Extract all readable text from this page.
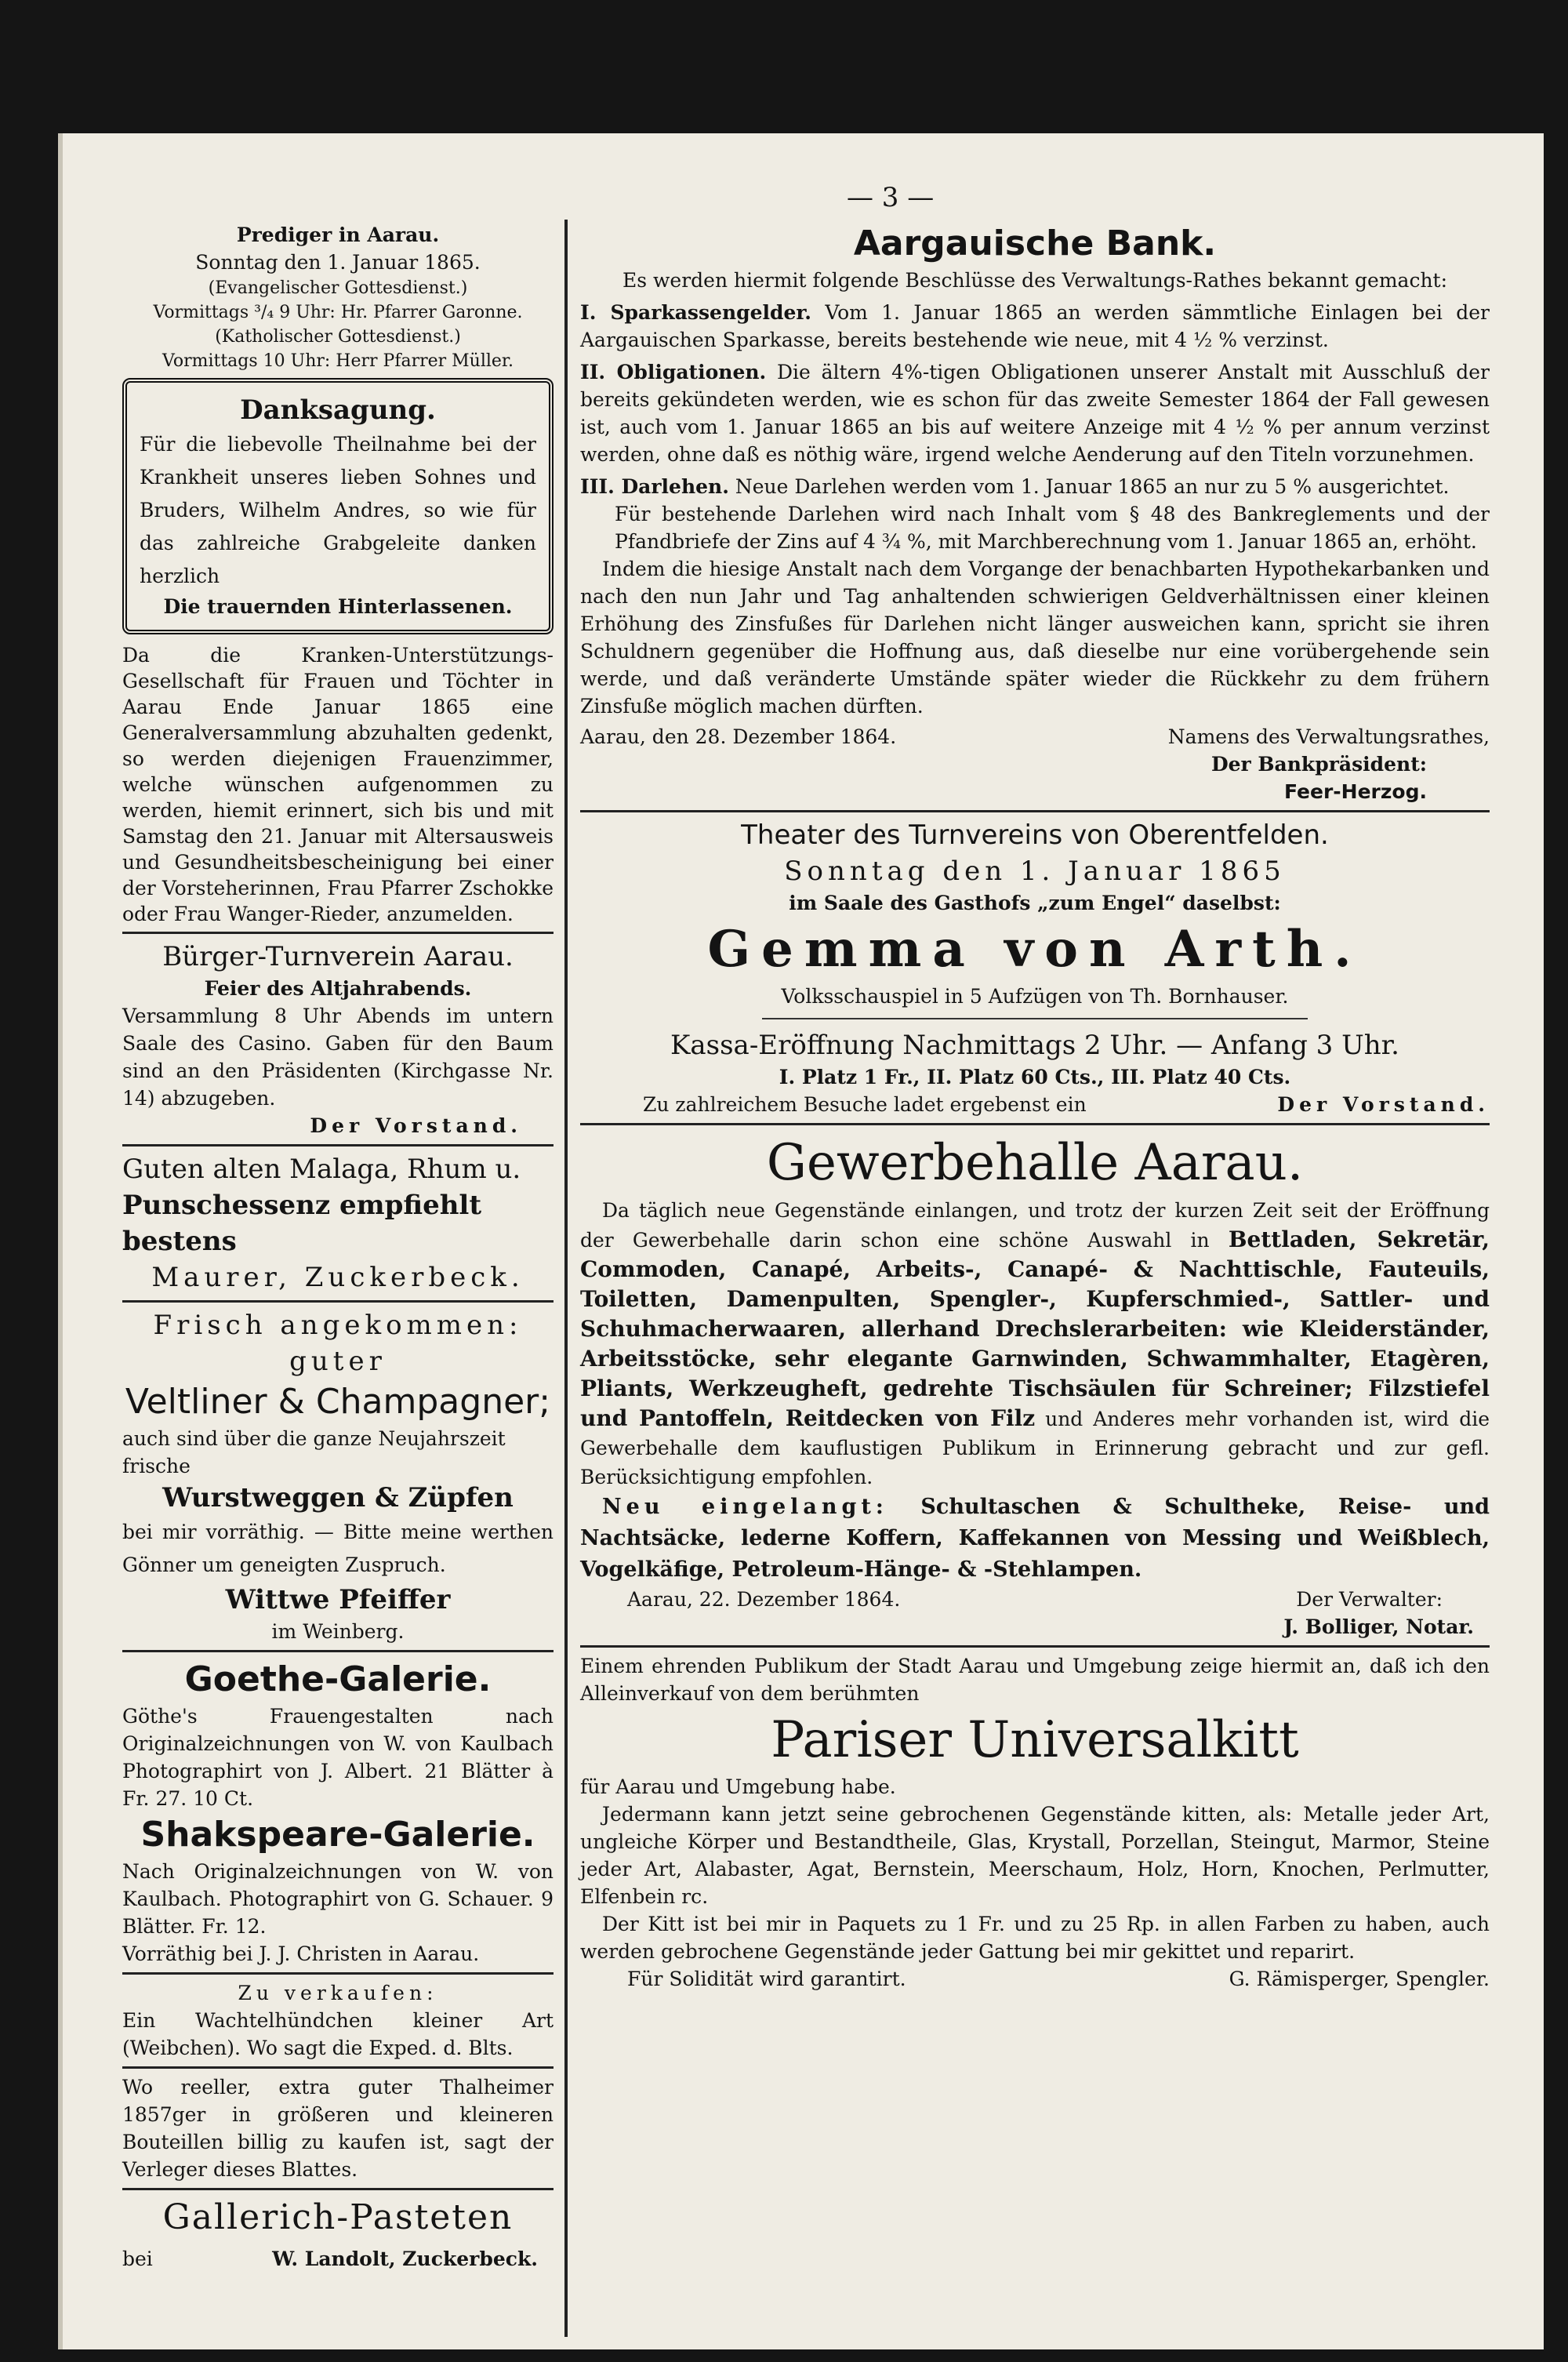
— 3 —

Prediger in Aarau.

Sonntag den 1. Januar 1865.

(Evangelischer Gottesdienst.)

Vormittags ³/₄ 9 Uhr: Hr. Pfarrer Garonne.

(Katholischer Gottesdienst.)

Vormittags 10 Uhr: Herr Pfarrer Müller.

Danksagung.

Für die liebevolle Theilnahme bei der Krankheit unseres lieben Sohnes und Bruders, Wilhelm Andres, so wie für das zahlreiche Grabgeleite danken herzlich

Die trauernden Hinterlassenen.

Da die Kranken-Unterstützungs-Gesellschaft für Frauen und Töchter in Aarau Ende Januar 1865 eine Generalversammlung abzuhalten gedenkt, so werden diejenigen Frauenzimmer, welche wünschen aufgenommen zu werden, hiemit erinnert, sich bis und mit Samstag den 21. Januar mit Altersausweis und Gesundheitsbescheinigung bei einer der Vorsteherinnen, Frau Pfarrer Zschokke oder Frau Wanger-Rieder, anzumelden.

Bürger-Turnverein Aarau.

Feier des Altjahrabends.

Versammlung 8 Uhr Abends im untern Saale des Casino. Gaben für den Baum sind an den Präsidenten (Kirchgasse Nr. 14) abzugeben.

Der Vorstand.

Guten alten Malaga, Rhum u.

Punschessenz empfiehlt bestens

Maurer, Zuckerbeck.

Frisch angekommen: guter

Veltliner & Champagner;

auch sind über die ganze Neujahrszeit frische

Wurstweggen & Züpfen

bei mir vorräthig. — Bitte meine werthen Gönner um geneigten Zuspruch.

Wittwe Pfeiffer

im Weinberg.

Goethe-Galerie.

Göthe's Frauengestalten nach Originalzeichnungen von W. von Kaulbach Photographirt von J. Albert. 21 Blätter à Fr. 27. 10 Ct.

Shakspeare-Galerie.

Nach Originalzeichnungen von W. von Kaulbach. Photographirt von G. Schauer. 9 Blätter. Fr. 12.

Vorräthig bei J. J. Christen in Aarau.

Zu verkaufen:

Ein Wachtelhündchen kleiner Art (Weibchen). Wo sagt die Exped. d. Blts.

Wo reeller, extra guter Thalheimer 1857ger in größeren und kleineren Bouteillen billig zu kaufen ist, sagt der Verleger dieses Blattes.

Gallerich-Pasteten

bei	W. Landolt, Zuckerbeck.

Aargauische Bank.

Es werden hiermit folgende Beschlüsse des Verwaltungs-Rathes bekannt gemacht:

I. Sparkassengelder. Vom 1. Januar 1865 an werden sämmtliche Einlagen bei der Aargauischen Sparkasse, bereits bestehende wie neue, mit 4 ½ % verzinst.

II. Obligationen. Die ältern 4%-tigen Obligationen unserer Anstalt mit Ausschluß der bereits gekündeten werden, wie es schon für das zweite Semester 1864 der Fall gewesen ist, auch vom 1. Januar 1865 an bis auf weitere Anzeige mit 4 ½ % per annum verzinst werden, ohne daß es nöthig wäre, irgend welche Aenderung auf den Titeln vorzunehmen.

III. Darlehen. Neue Darlehen werden vom 1. Januar 1865 an nur zu 5 % ausgerichtet.

Für bestehende Darlehen wird nach Inhalt vom § 48 des Bankreglements und der Pfandbriefe der Zins auf 4 ¾ %, mit Marchberechnung vom 1. Januar 1865 an, erhöht.

Indem die hiesige Anstalt nach dem Vorgange der benachbarten Hypothekarbanken und nach den nun Jahr und Tag anhaltenden schwierigen Geldverhältnissen einer kleinen Erhöhung des Zinsfußes für Darlehen nicht länger ausweichen kann, spricht sie ihren Schuldnern gegenüber die Hoffnung aus, daß dieselbe nur eine vorübergehende sein werde, und daß veränderte Umstände später wieder die Rückkehr zu dem frühern Zinsfuße möglich machen dürften.

Aarau, den 28. Dezember 1864.	Namens des Verwaltungsrathes,

Der Bankpräsident:

Feer-Herzog.

Theater des Turnvereins von Oberentfelden.

Sonntag den 1. Januar 1865

im Saale des Gasthofs „zum Engel“ daselbst:

Gemma von Arth.

Volksschauspiel in 5 Aufzügen von Th. Bornhauser.

Kassa-Eröffnung Nachmittags 2 Uhr. — Anfang 3 Uhr.

I. Platz 1 Fr., II. Platz 60 Cts., III. Platz 40 Cts.

Zu zahlreichem Besuche ladet ergebenst ein	Der Vorstand.

Gewerbehalle Aarau.

Da täglich neue Gegenstände einlangen, und trotz der kurzen Zeit seit der Eröffnung der Gewerbehalle darin schon eine schöne Auswahl in Bettladen, Sekretär, Commoden, Canapé, Arbeits-, Canapé- & Nachttischle, Fauteuils, Toiletten, Damenpulten, Spengler-, Kupferschmied-, Sattler- und Schuhmacherwaaren, allerhand Drechslerarbeiten: wie Kleiderständer, Arbeitsstöcke, sehr elegante Garnwinden, Schwammhalter, Etagèren, Pliants, Werkzeugheft, gedrehte Tischsäulen für Schreiner; Filzstiefel und Pantoffeln, Reitdecken von Filz und Anderes mehr vorhanden ist, wird die Gewerbehalle dem kauflustigen Publikum in Erinnerung gebracht und zur gefl. Berücksichtigung empfohlen.

Neu eingelangt: Schultaschen & Schultheke, Reise- und Nachtsäcke, lederne Koffern, Kaffekannen von Messing und Weißblech, Vogelkäfige, Petroleum-Hänge- & -Stehlampen.

Aarau, 22. Dezember 1864.	Der Verwalter:

J. Bolliger, Notar.

Einem ehrenden Publikum der Stadt Aarau und Umgebung zeige hiermit an, daß ich den Alleinverkauf von dem berühmten

Pariser Universalkitt

für Aarau und Umgebung habe.

Jedermann kann jetzt seine gebrochenen Gegenstände kitten, als: Metalle jeder Art, ungleiche Körper und Bestandtheile, Glas, Krystall, Porzellan, Steingut, Marmor, Steine jeder Art, Alabaster, Agat, Bernstein, Meerschaum, Holz, Horn, Knochen, Perlmutter, Elfenbein rc.

Der Kitt ist bei mir in Paquets zu 1 Fr. und zu 25 Rp. in allen Farben zu haben, auch werden gebrochene Gegenstände jeder Gattung bei mir gekittet und reparirt.

Für Solidität wird garantirt.	G. Rämisperger, Spengler.
